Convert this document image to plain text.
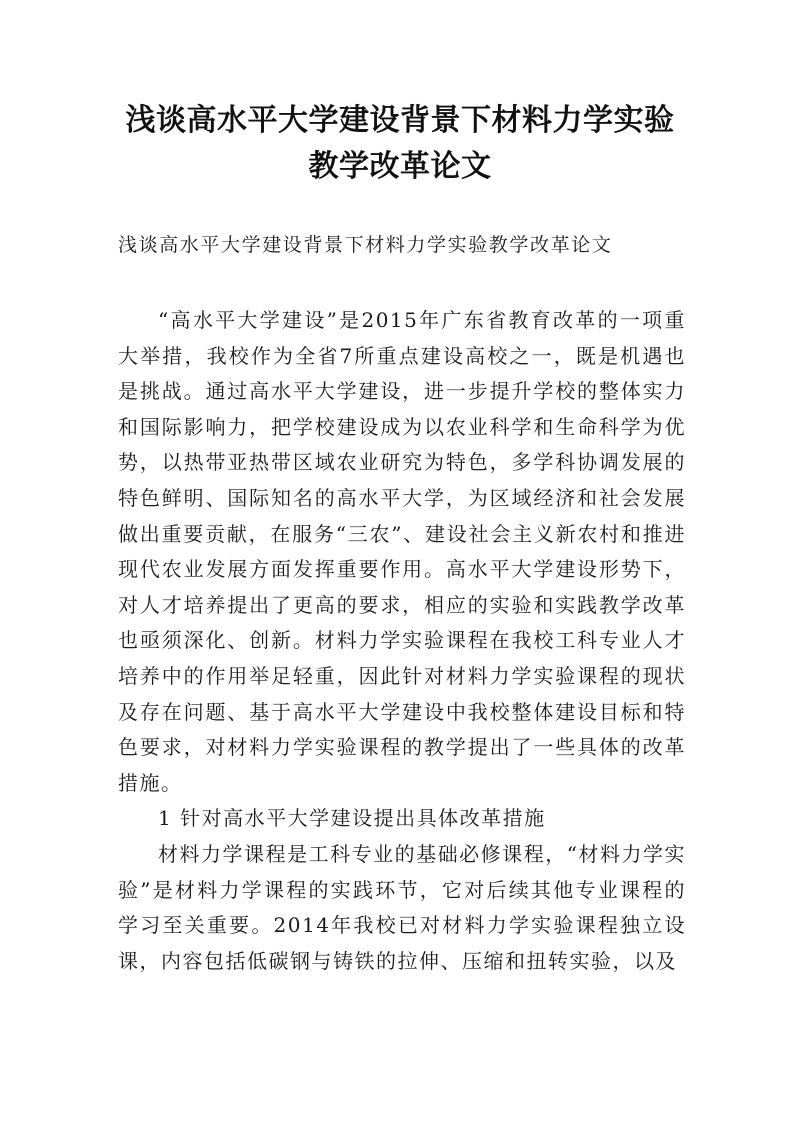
浅谈高水平大学建设背景下材料力学实验
教学改革论文
浅谈高水平大学建设背景下材料力学实验教学改革论文

“高水平大学建设”是2015年广东省教育改革的一项重大举措，我校作为全省7所重点建设高校之一，既是机遇也是挑战。通过高水平大学建设，进一步提升学校的整体实力和国际影响力，把学校建设成为以农业科学和生命科学为优势，以热带亚热带区域农业研究为特色，多学科协调发展的特色鲜明、国际知名的高水平大学，为区域经济和社会发展做出重要贡献，在服务“三农”、建设社会主义新农村和推进现代农业发展方面发挥重要作用。高水平大学建设形势下，对人才培养提出了更高的要求，相应的实验和实践教学改革也亟须深化、创新。材料力学实验课程在我校工科专业人才培养中的作用举足轻重，因此针对材料力学实验课程的现状及存在问题、基于高水平大学建设中我校整体建设目标和特色要求，对材料力学实验课程的教学提出了一些具体的改革措施。

1 针对高水平大学建设提出具体改革措施

材料力学课程是工科专业的基础必修课程，“材料力学实验”是材料力学课程的实践环节，它对后续其他专业课程的学习至关重要。2014年我校已对材料力学实验课程独立设课，内容包括低碳钢与铸铁的拉伸、压缩和扭转实验，以及
